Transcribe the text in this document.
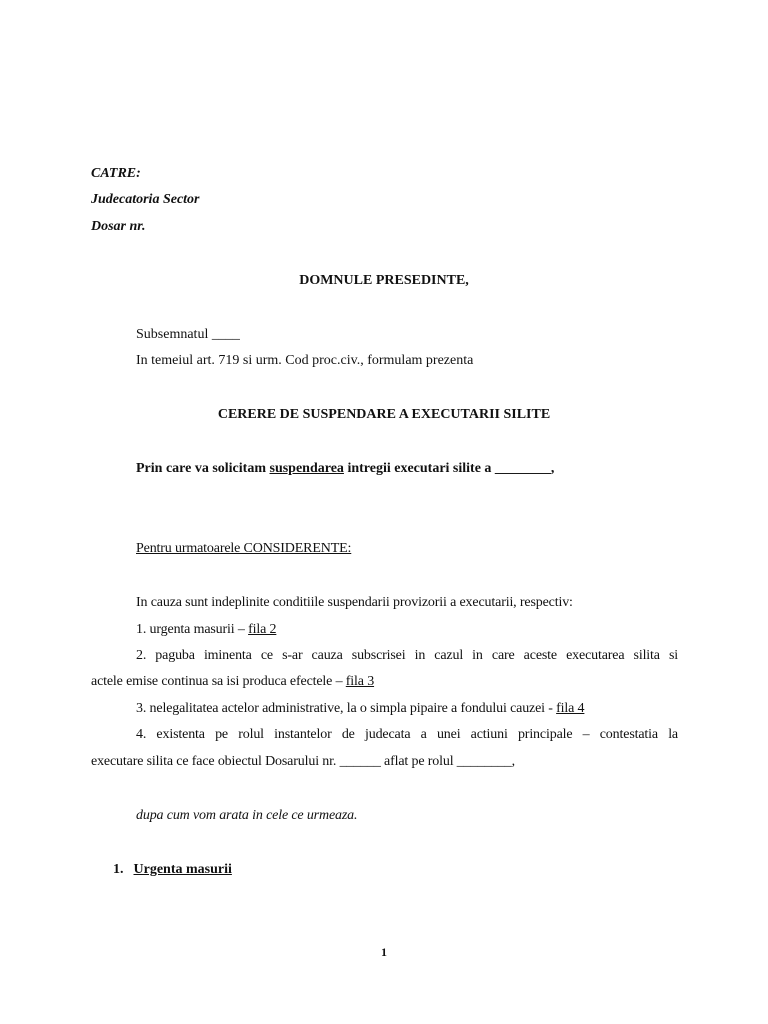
CATRE:
Judecatoria Sector
Dosar nr.
DOMNULE PRESEDINTE,
Subsemnatul ____
In temeiul art. 719 si urm. Cod proc.civ., formulam prezenta
CERERE DE SUSPENDARE A EXECUTARII SILITE
Prin care va solicitam suspendarea intregii executari silite a ________,
Pentru urmatoarele CONSIDERENTE:
In cauza sunt indeplinite conditiile suspendarii provizorii a executarii, respectiv:
1. urgenta masurii – fila 2
2. paguba iminenta ce s-ar cauza subscrisei in cazul in care aceste executarea silita si
actele emise continua sa isi produca efectele – fila 3
3. nelegalitatea actelor administrative, la o simpla pipaire a fondului cauzei - fila 4
4. existenta pe rolul instantelor de judecata a unei actiuni principale – contestatia la
executare silita ce face obiectul Dosarului nr. ______ aflat pe rolul ________,
dupa cum vom arata in cele ce urmeaza.
1. Urgenta masurii
1
